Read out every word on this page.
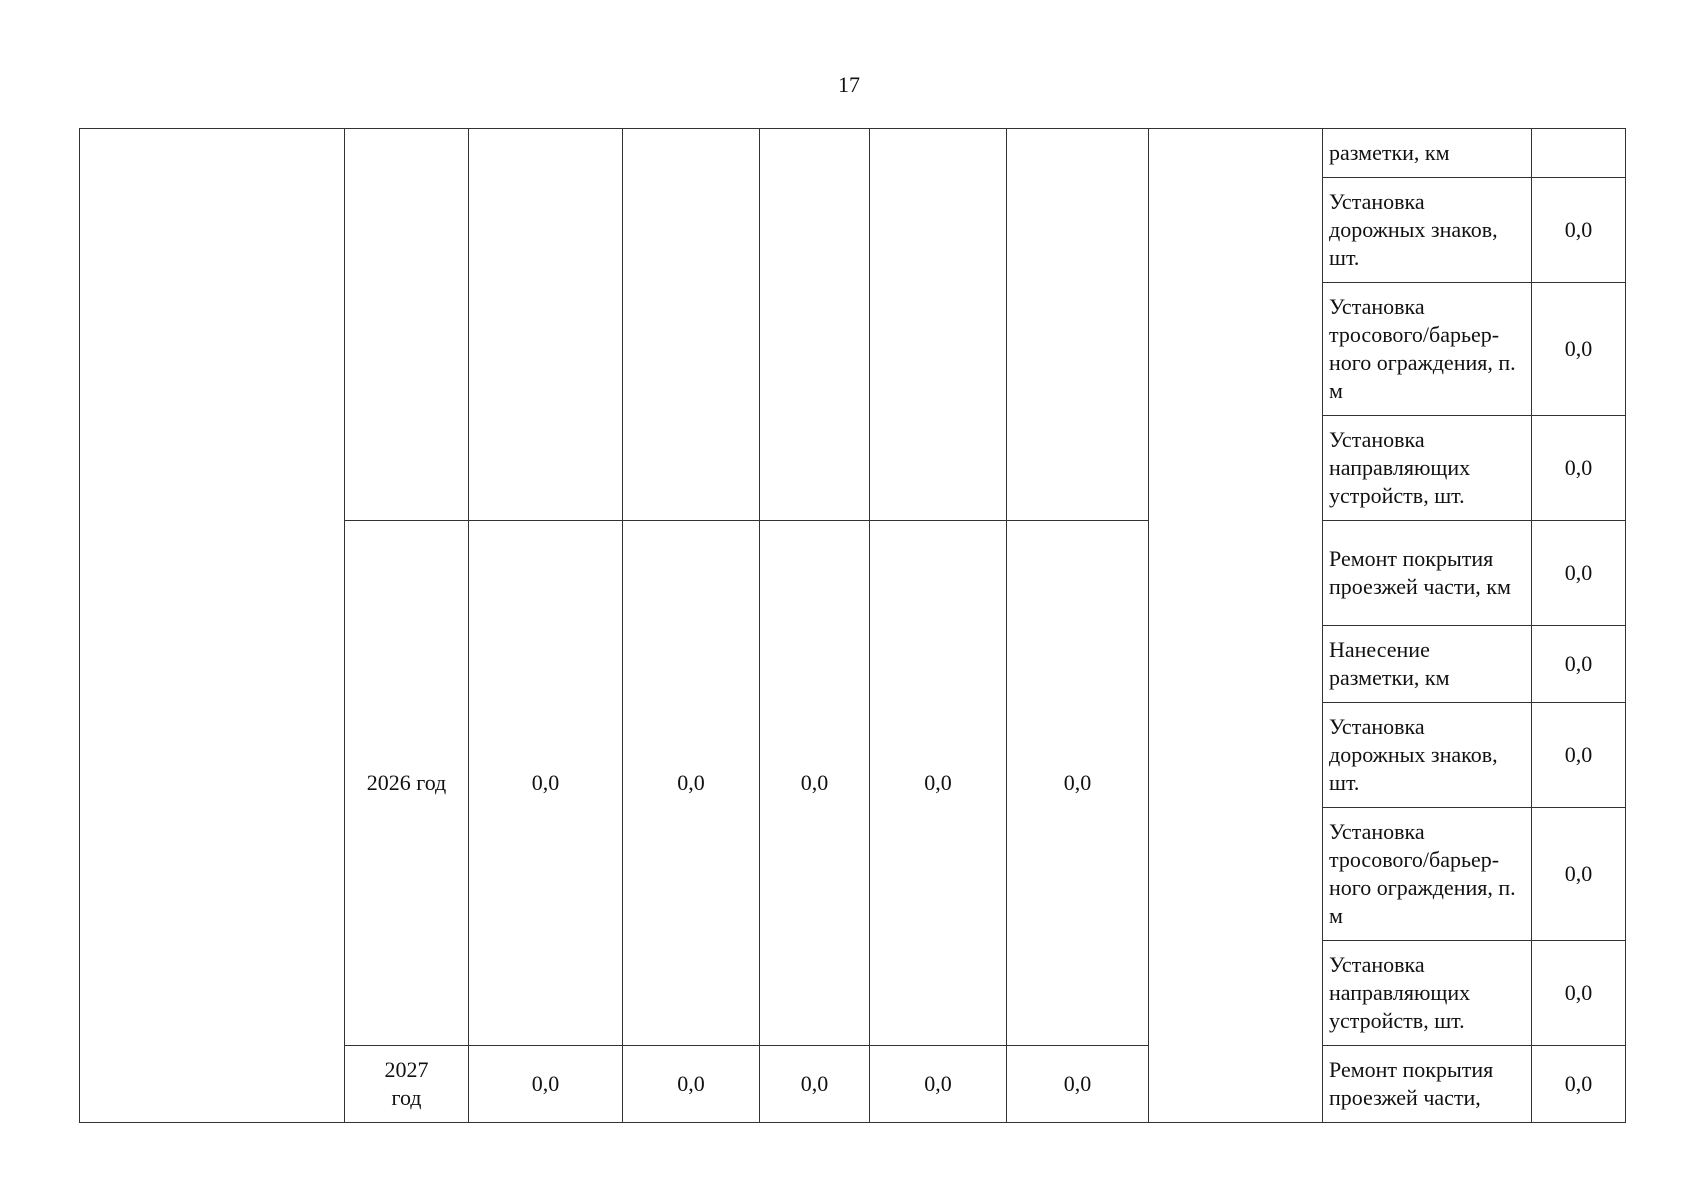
17
								разметки, км	
								Установка дорожных знаков, шт.	0,0
								Установка тросового/барьер-ного ограждения, п. м	0,0
								Установка направляющих устройств, шт.	0,0
	2026 год	0,0	0,0	0,0	0,0	0,0		Ремонт покрытия проезжей части, км	0,0
								Нанесение разметки, км	0,0
								Установка дорожных знаков, шт.	0,0
								Установка тросового/барьер-ного ограждения, п. м	0,0
								Установка направляющих устройств, шт.	0,0
	2027 год	0,0	0,0	0,0	0,0	0,0		Ремонт покрытия проезжей части,	0,0
